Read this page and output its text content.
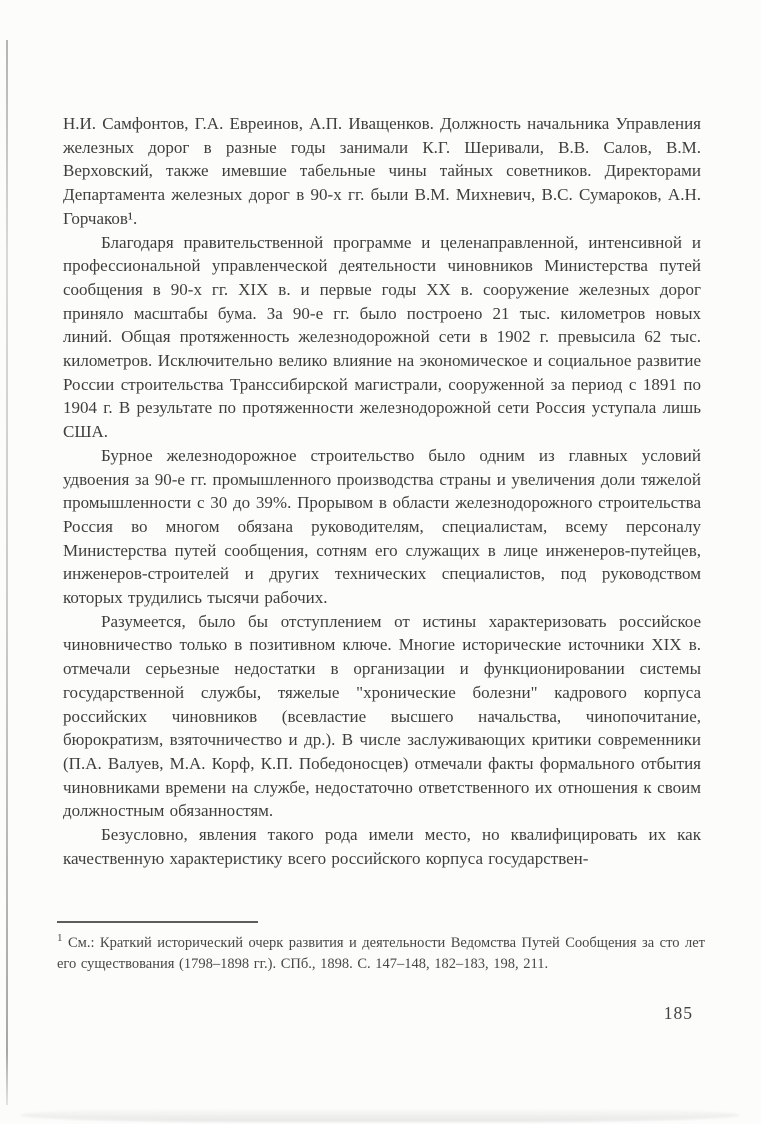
Н.И. Самфонтов, Г.А. Евреинов, А.П. Иващенков. Должность начальника Управления железных дорог в разные годы занимали К.Г. Шеривали, В.В. Салов, В.М. Верховский, также имевшие табельные чины тайных советников. Директорами Департамента железных дорог в 90-х гг. были В.М. Михневич, В.С. Сумароков, А.Н. Горчаков¹.

Благодаря правительственной программе и целенаправленной, интенсивной и профессиональной управленческой деятельности чиновников Министерства путей сообщения в 90-х гг. XIX в. и первые годы XX в. сооружение железных дорог приняло масштабы бума. За 90-е гг. было построено 21 тыс. километров новых линий. Общая протяженность железнодорожной сети в 1902 г. превысила 62 тыс. километров. Исключительно велико влияние на экономическое и социальное развитие России строительства Транссибирской магистрали, сооруженной за период с 1891 по 1904 г. В результате по протяженности железнодорожной сети Россия уступала лишь США.

Бурное железнодорожное строительство было одним из главных условий удвоения за 90-е гг. промышленного производства страны и увеличения доли тяжелой промышленности с 30 до 39%. Прорывом в области железнодорожного строительства Россия во многом обязана руководителям, специалистам, всему персоналу Министерства путей сообщения, сотням его служащих в лице инженеров-путейцев, инженеров-строителей и других технических специалистов, под руководством которых трудились тысячи рабочих.

Разумеется, было бы отступлением от истины характеризовать российское чиновничество только в позитивном ключе. Многие исторические источники XIX в. отмечали серьезные недостатки в организации и функционировании системы государственной службы, тяжелые "хронические болезни" кадрового корпуса российских чиновников (всевластие высшего начальства, чинопочитание, бюрократизм, взяточничество и др.). В числе заслуживающих критики современники (П.А. Валуев, М.А. Корф, К.П. Победоносцев) отмечали факты формального отбытия чиновниками времени на службе, недостаточно ответственного их отношения к своим должностным обязанностям.

Безусловно, явления такого рода имели место, но квалифицировать их как качественную характеристику всего российского корпуса государствен-

$^1$ См.: Краткий исторический очерк развития и деятельности Ведомства Путей Сообщения за сто лет его существования (1798–1898 гг.). СПб., 1898. С. 147–148, 182–183, 198, 211.
185
